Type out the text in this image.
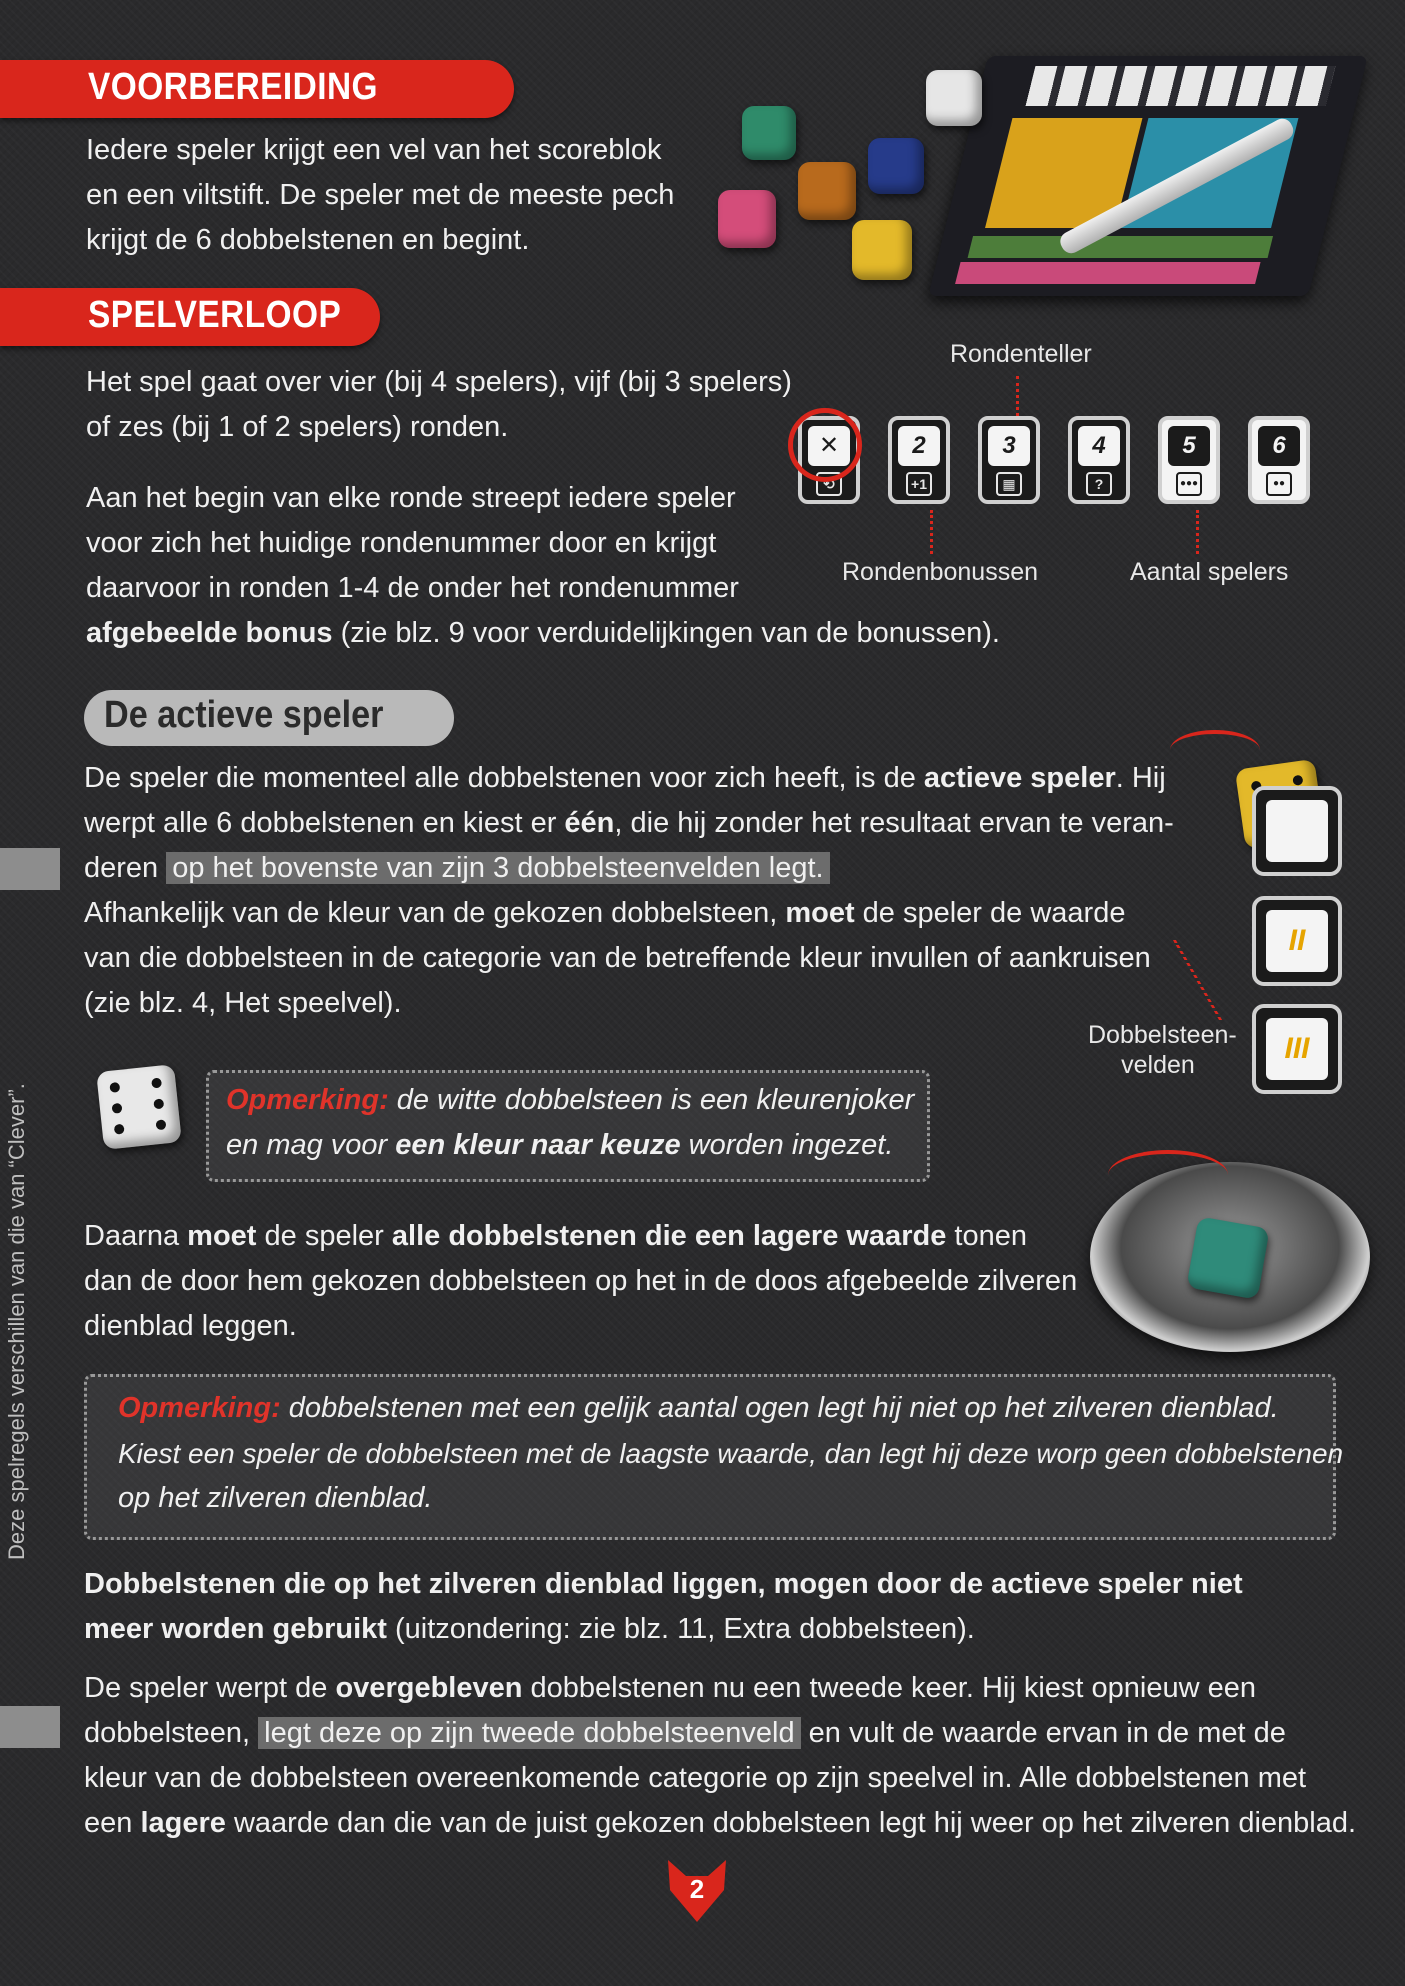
Deze spelregels verschillen van die van “Clever”.
VOORBEREIDING
Iedere speler krijgt een vel van het scoreblok
en een viltstift. De speler met de meeste pech
krijgt de 6 dobbelstenen en begint.
SPELVERLOOP
Het spel gaat over vier (bij 4 spelers), vijf (bij 3 spelers)
of zes (bij 1 of 2 spelers) ronden.
Aan het begin van elke ronde streept iedere speler
voor zich het huidige rondenummer door en krijgt
daarvoor in ronden 1-4 de onder het rondenummer
afgebeelde bonus (zie blz. 9 voor verduidelijkingen van de bonussen).
Rondenteller
✕
⟲
2
+1
3
▦
4
?
5
●●●
6
●●
Rondenbonussen	Aantal spelers
De actieve speler
De speler die momenteel alle dobbelstenen voor zich heeft, is de actieve speler. Hij
werpt alle 6 dobbelstenen en kiest er één, die hij zonder het resultaat ervan te veran-
deren op het bovenste van zijn 3 dobbelsteenvelden legt.
Afhankelijk van de kleur van de gekozen dobbelsteen, moet de speler de waarde
van die dobbelsteen in de categorie van de betreffende kleur invullen of aankruisen
(zie blz. 4, Het speelvel).
II
III
Dobbelsteen-
velden
Opmerking: de witte dobbelsteen is een kleurenjoker
en mag voor een kleur naar keuze worden ingezet.
Daarna moet de speler alle dobbelstenen die een lagere waarde tonen
dan de door hem gekozen dobbelsteen op het in de doos afgebeelde zilveren
dienblad leggen.
Opmerking: dobbelstenen met een gelijk aantal ogen legt hij niet op het zilveren dienblad.
Kiest een speler de dobbelsteen met de laagste waarde, dan legt hij deze worp geen dobbelstenen
op het zilveren dienblad.
Dobbelstenen die op het zilveren dienblad liggen, mogen door de actieve speler niet
meer worden gebruikt (uitzondering: zie blz. 11, Extra dobbelsteen).
De speler werpt de overgebleven dobbelstenen nu een tweede keer. Hij kiest opnieuw een
dobbelsteen, legt deze op zijn tweede dobbelsteenveld en vult de waarde ervan in de met de
kleur van de dobbelsteen overeenkomende categorie op zijn speelvel in. Alle dobbelstenen met
een lagere waarde dan die van de juist gekozen dobbelsteen legt hij weer op het zilveren dienblad.
2
